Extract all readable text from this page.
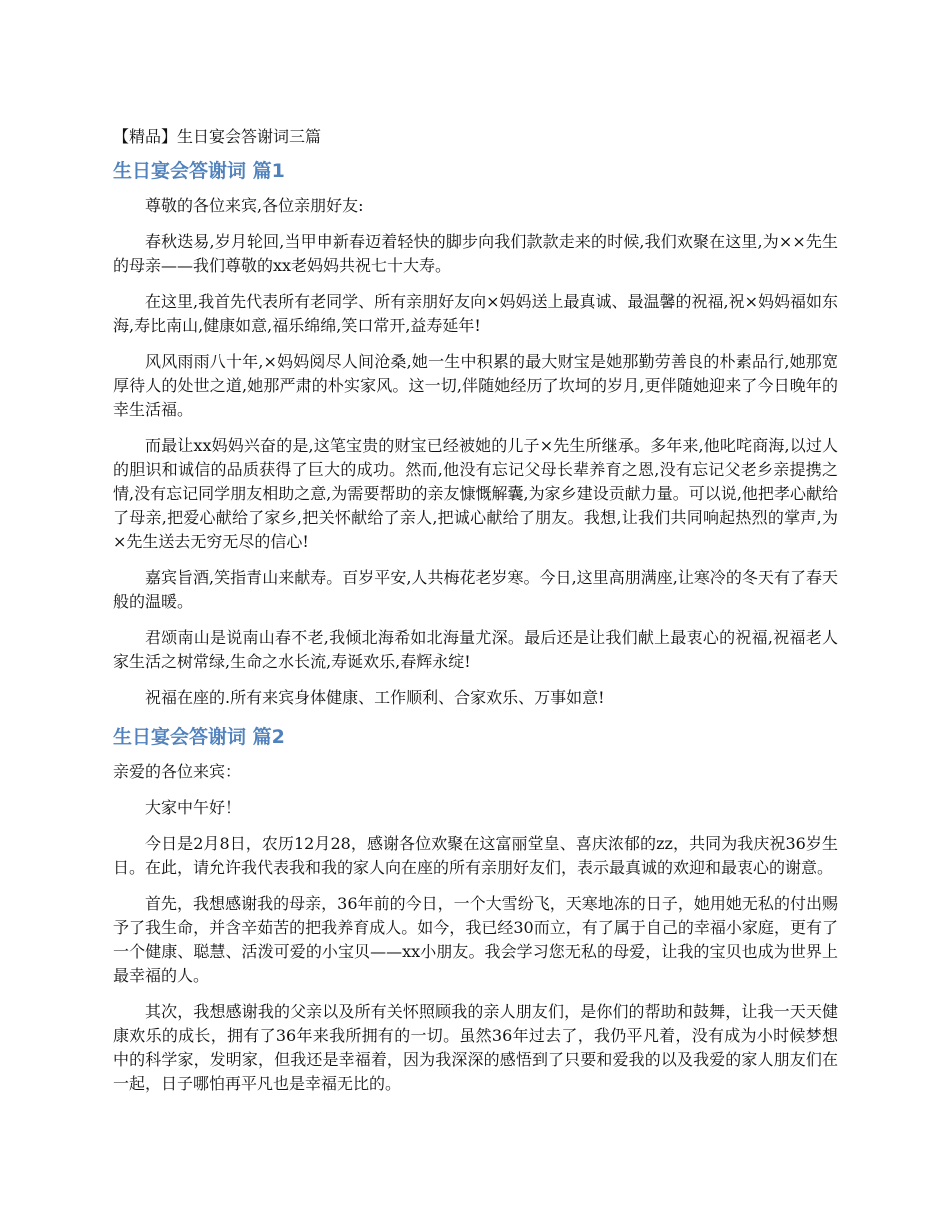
【精品】生日宴会答谢词三篇
生日宴会答谢词 篇1

尊敬的各位来宾,各位亲朋好友:

春秋迭易,岁月轮回,当甲申新春迈着轻快的脚步向我们款款走来的时候,我们欢聚在这里,为××先生的母亲——我们尊敬的xx老妈妈共祝七十大寿。

在这里,我首先代表所有老同学、所有亲朋好友向×妈妈送上最真诚、最温馨的祝福,祝×妈妈福如东海,寿比南山,健康如意,福乐绵绵,笑口常开,益寿延年!

风风雨雨八十年,×妈妈阅尽人间沧桑,她一生中积累的最大财宝是她那勤劳善良的朴素品行,她那宽厚待人的处世之道,她那严肃的朴实家风。这一切,伴随她经历了坎坷的岁月,更伴随她迎来了今日晚年的幸生活福。

而最让xx妈妈兴奋的是,这笔宝贵的财宝已经被她的儿子×先生所继承。多年来,他叱咤商海,以过人的胆识和诚信的品质获得了巨大的成功。然而,他没有忘记父母长辈养育之恩,没有忘记父老乡亲提携之情,没有忘记同学朋友相助之意,为需要帮助的亲友慷慨解囊,为家乡建设贡献力量。可以说,他把孝心献给了母亲,把爱心献给了家乡,把关怀献给了亲人,把诚心献给了朋友。我想,让我们共同响起热烈的掌声,为×先生送去无穷无尽的信心!

嘉宾旨酒,笑指青山来献寿。百岁平安,人共梅花老岁寒。今日,这里高朋满座,让寒冷的冬天有了春天般的温暖。

君颂南山是说南山春不老,我倾北海希如北海量尤深。最后还是让我们献上最衷心的祝福,祝福老人家生活之树常绿,生命之水长流,寿诞欢乐,春辉永绽!

祝福在座的.所有来宾身体健康、工作顺利、合家欢乐、万事如意!

生日宴会答谢词 篇2

亲爱的各位来宾：

大家中午好！

今日是2月8日，农历12月28，感谢各位欢聚在这富丽堂皇、喜庆浓郁的zz，共同为我庆祝36岁生日。在此，请允许我代表我和我的家人向在座的所有亲朋好友们，表示最真诚的欢迎和最衷心的谢意。

首先，我想感谢我的母亲，36年前的今日，一个大雪纷飞，天寒地冻的日子，她用她无私的付出赐予了我生命，并含辛茹苦的把我养育成人。如今，我已经30而立，有了属于自己的幸福小家庭，更有了一个健康、聪慧、活泼可爱的小宝贝——xx小朋友。我会学习您无私的母爱，让我的宝贝也成为世界上最幸福的人。

其次，我想感谢我的父亲以及所有关怀照顾我的亲人朋友们，是你们的帮助和鼓舞，让我一天天健康欢乐的成长，拥有了36年来我所拥有的一切。虽然36年过去了，我仍平凡着，没有成为小时候梦想中的科学家，发明家，但我还是幸福着，因为我深深的感悟到了只要和爱我的以及我爱的家人朋友们在一起，日子哪怕再平凡也是幸福无比的。
